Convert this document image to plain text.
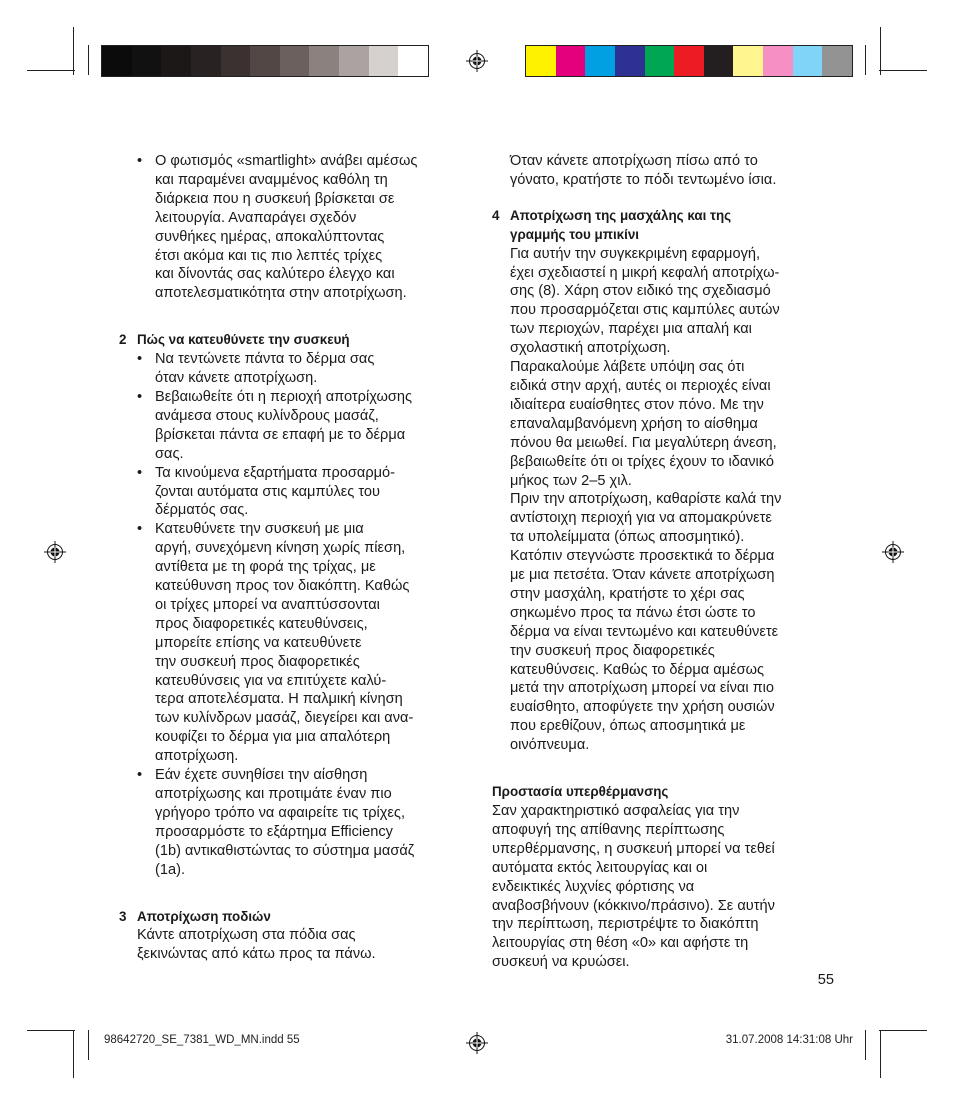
• Ο φωτισμός «smartlight» ανάβει αμέσως
και παραμένει αναμμένος καθόλη τη
διάρκεια που η συσκευή βρίσκεται σε
λειτουργία. Αναπαράγει σχεδόν
συνθήκες ημέρας, αποκαλύπτοντας
έτσι ακόμα και τις πιο λεπτές τρίχες
και δίνοντάς σας καλύτερο έλεγχο και
αποτελεσματικότητα στην αποτρίχωση.
2 Πώς να κατευθύνετε την συσκευή

• Να τεντώνετε πάντα το δέρμα σας
όταν κάνετε αποτρίχωση.
• Βεβαιωθείτε ότι η περιοχή αποτρίχωσης
ανάμεσα στους κυλίνδρους μασάζ,
βρίσκεται πάντα σε επαφή με το δέρμα
σας.
• Τα κινούμενα εξαρτήματα προσαρμό-
ζονται αυτόματα στις καμπύλες του
δέρματός σας.
• Κατευθύνετε την συσκευή με μια
αργή, συνεχόμενη κίνηση χωρίς πίεση,
αντίθετα με τη φορά της τρίχας, με
κατεύθυνση προς τον διακόπτη. Καθώς
οι τρίχες μπορεί να αναπτύσσονται
προς διαφορετικές κατευθύνσεις,
μπορείτε επίσης να κατευθύνετε
την συσκευή προς διαφορετικές
κατευθύνσεις για να επιτύχετε καλύ-
τερα αποτελέσματα. Η παλμική κίνηση
των κυλίνδρων μασάζ, διεγείρει και ανα-
κουφίζει το δέρμα για μια απαλότερη
αποτρίχωση.
• Εάν έχετε συνηθίσει την αίσθηση
αποτρίχωσης και προτιμάτε έναν πιο
γρήγορο τρόπο να αφαιρείτε τις τρίχες,
προσαρμόστε το εξάρτημα Efficiency
(1b) αντικαθιστώντας το σύστημα μασάζ
(1a).
3 Αποτρίχωση ποδιών

Κάντε αποτρίχωση στα πόδια σας
ξεκινώντας από κάτω προς τα πάνω.
Όταν κάνετε αποτρίχωση πίσω από το
γόνατο, κρατήστε το πόδι τεντωμένο ίσια.
4 Αποτρίχωση της μασχάλης και της
γραμμής του μπικίνι
Για αυτήν την συγκεκριμένη εφαρμογή,
έχει σχεδιαστεί η μικρή κεφαλή αποτρίχω-
σης (8). Χάρη στον ειδικό της σχεδιασμό
που προσαρμόζεται στις καμπύλες αυτών
των περιοχών, παρέχει μια απαλή και
σχολαστική αποτρίχωση.
Παρακαλούμε λάβετε υπόψη σας ότι
ειδικά στην αρχή, αυτές οι περιοχές είναι
ιδιαίτερα ευαίσθητες στον πόνο. Με την
επαναλαμβανόμενη χρήση το αίσθημα
πόνου θα μειωθεί. Για μεγαλύτερη άνεση,
βεβαιωθείτε ότι οι τρίχες έχουν το ιδανικό
μήκος των 2–5 χιλ.
Πριν την αποτρίχωση, καθαρίστε καλά την
αντίστοιχη περιοχή για να απομακρύνετε
τα υπολείμματα (όπως αποσμητικό).
Κατόπιν στεγνώστε προσεκτικά το δέρμα
με μια πετσέτα. Όταν κάνετε αποτρίχωση
στην μασχάλη, κρατήστε το χέρι σας
σηκωμένο προς τα πάνω έτσι ώστε το
δέρμα να είναι τεντωμένο και κατευθύνετε
την συσκευή προς διαφορετικές
κατευθύνσεις. Καθώς το δέρμα αμέσως
μετά την αποτρίχωση μπορεί να είναι πιο
ευαίσθητο, αποφύγετε την χρήση ουσιών
που ερεθίζουν, όπως αποσμητικά με
οινόπνευμα.

Προστασία υπερθέρμανσης

Σαν χαρακτηριστικό ασφαλείας για την
αποφυγή της απίθανης περίπτωσης
υπερθέρμανσης, η συσκευή μπορεί να τεθεί
αυτόματα εκτός λειτουργίας και οι
ενδεικτικές λυχνίες φόρτισης να
αναβοσβήνουν (κόκκινο/πράσινο). Σε αυτήν
την περίπτωση, περιστρέψτε το διακόπτη
λειτουργίας στη θέση «0» και αφήστε τη
συσκευή να κρυώσει.
55
98642720_SE_7381_WD_MN.indd 55	31.07.2008 14:31:08 Uhr
